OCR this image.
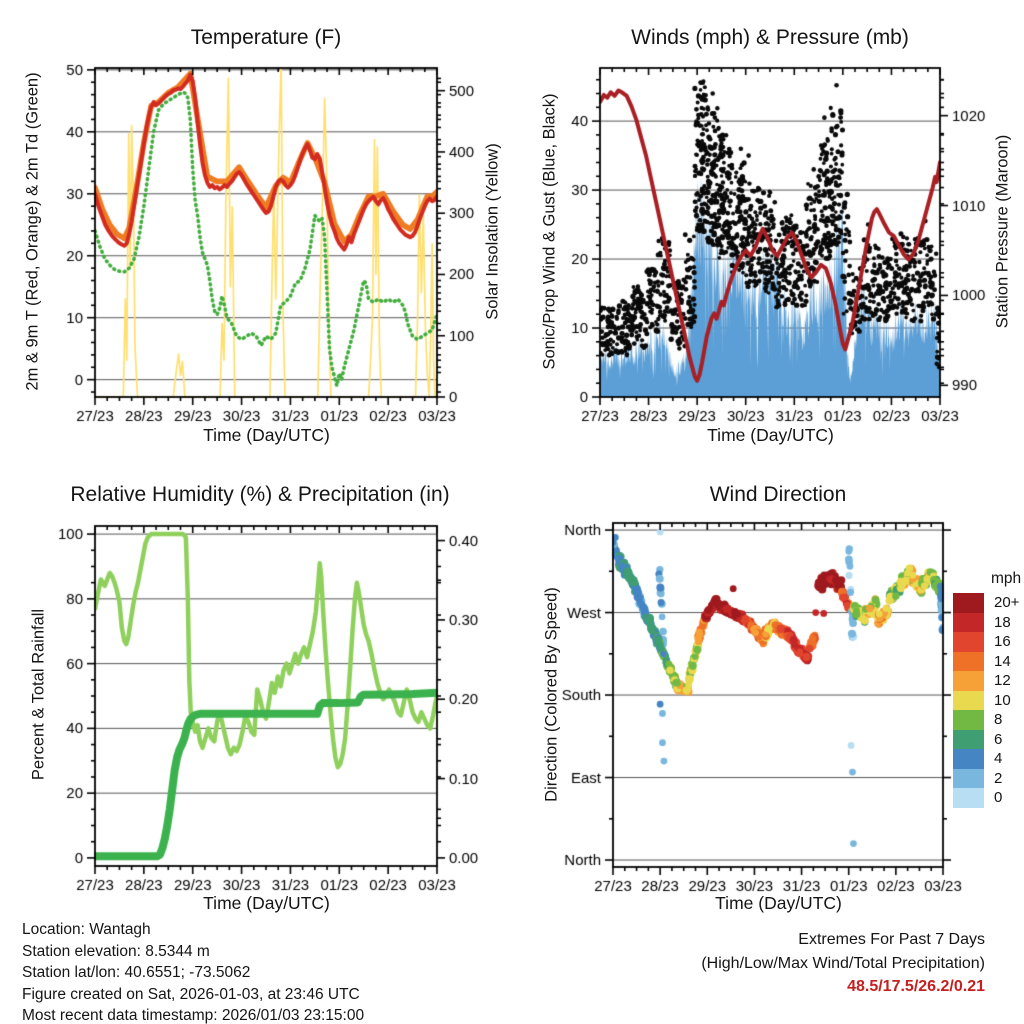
Temperature (F)	Winds (mph) & Pressure (mb)
Relative Humidity (%) & Precipitation (in)	Wind Direction
2m & 9m T (Red, Orange) & 2m Td (Green)	Solar Insolation (Yellow) Sonic/Prop Wind & Gust (Blue, Black)	Station Pressure (Maroon)
Percent & Total Rainfall	Direction (Colored By Speed)
Time (Day/UTC)	Time (Day/UTC)
Time (Day/UTC)	Time (Day/UTC)
mph
20+
18
16
14
12
10
8
6
4
2
0
Location: Wantagh
Station elevation: 8.5344 m
Station lat/lon: 40.6551; -73.5062
Figure created on Sat, 2026-01-03, at 23:46 UTC
Most recent data timestamp: 2026/01/03 23:15:00
Extremes For Past 7 Days
(High/Low/Max Wind/Total Precipitation)
48.5/17.5/26.2/0.21
